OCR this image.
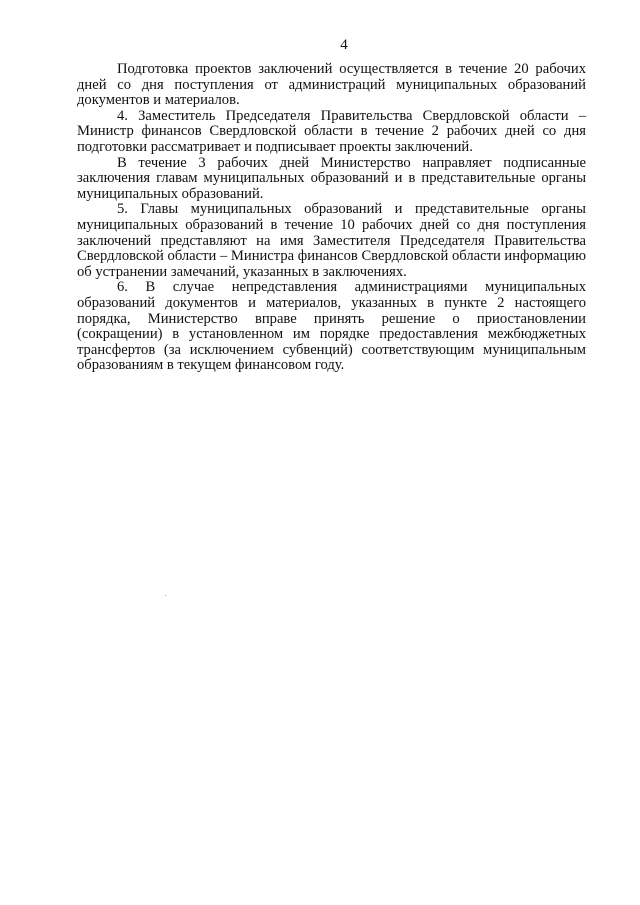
4

Подготовка проектов заключений осуществляется в течение 20 рабочих дней со дня поступления от администраций муниципальных образований документов и материалов.

4. Заместитель Председателя Правительства Свердловской области – Министр финансов Свердловской области в течение 2 рабочих дней со дня подготовки рассматривает и подписывает проекты заключений.

В течение 3 рабочих дней Министерство направляет подписанные заключения главам муниципальных образований и в представительные органы муниципальных образований.

5. Главы муниципальных образований и представительные органы муниципальных образований в течение 10 рабочих дней со дня поступления заключений представляют на имя Заместителя Председателя Правительства Свердловской области – Министра финансов Свердловской области информацию об устранении замечаний, указанных в заключениях.

6. В случае непредставления администрациями муниципальных образований документов и материалов, указанных в пункте 2 настоящего порядка, Министерство вправе принять решение о приостановлении (сокращении) в установленном им порядке предоставления межбюджетных трансфертов (за исключением субвенций) соответствующим муниципальным образованиям в текущем финансовом году.
